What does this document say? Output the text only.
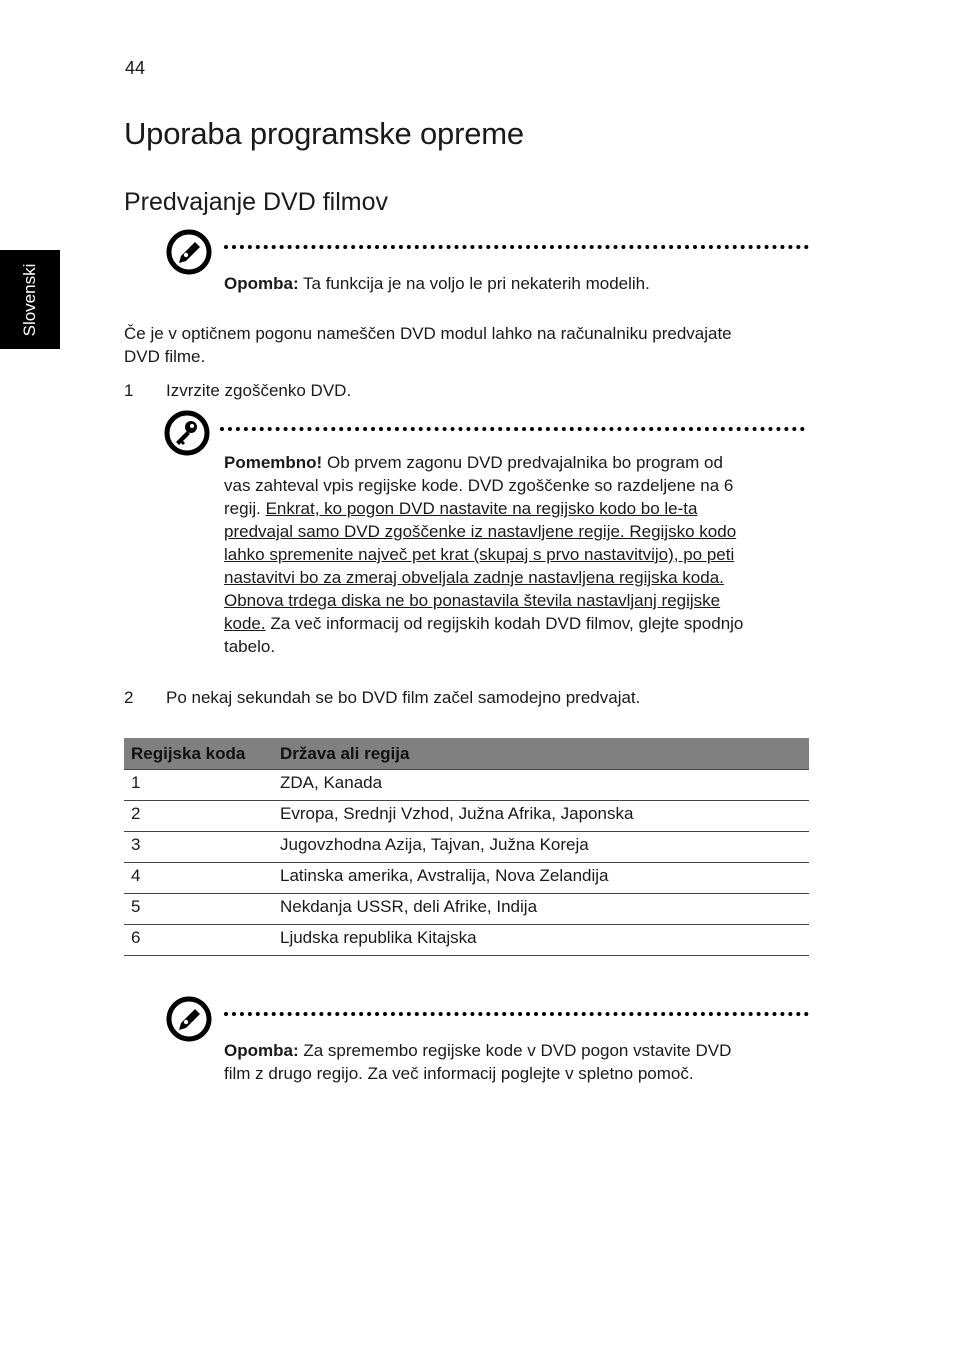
44
Slovenski
Uporaba programske opreme
Predvajanje DVD filmov
Opomba: Ta funkcija je na voljo le pri nekaterih modelih.
Če je v optičnem pogonu nameščen DVD modul lahko na računalniku predvajate
DVD filme.
1 Izvrzite zgoščenko DVD.
Pomembno! Ob prvem zagonu DVD predvajalnika bo program od
vas zahteval vpis regijske kode. DVD zgoščenke so razdeljene na 6
regij. Enkrat, ko pogon DVD nastavite na regijsko kodo bo le-ta
predvajal samo DVD zgoščenke iz nastavljene regije. Regijsko kodo
lahko spremenite največ pet krat (skupaj s prvo nastavitvijo), po peti
nastavitvi bo za zmeraj obveljala zadnje nastavljena regijska koda.
Obnova trdega diska ne bo ponastavila števila nastavljanj regijske
kode. Za več informacij od regijskih kodah DVD filmov, glejte spodnjo
tabelo.
2 Po nekaj sekundah se bo DVD film začel samodejno predvajat.
Regijska koda	Država ali regija
1	ZDA, Kanada
2	Evropa, Srednji Vzhod, Južna Afrika, Japonska
3	Jugovzhodna Azija, Tajvan, Južna Koreja
4	Latinska amerika, Avstralija, Nova Zelandija
5	Nekdanja USSR, deli Afrike, Indija
6	Ljudska republika Kitajska
Opomba: Za spremembo regijske kode v DVD pogon vstavite DVD
film z drugo regijo. Za več informacij poglejte v spletno pomoč.
